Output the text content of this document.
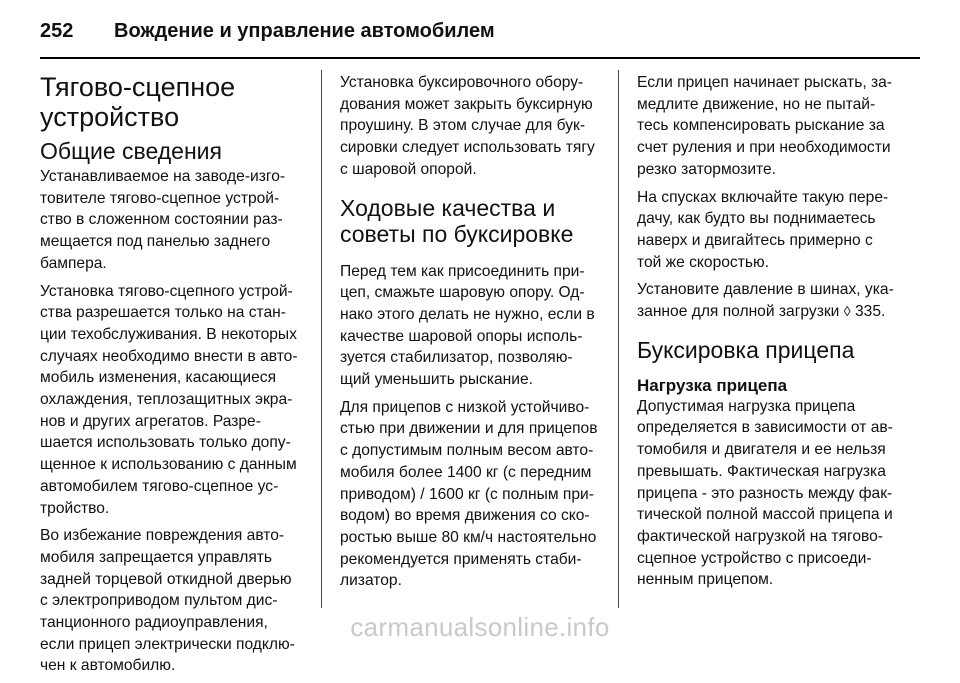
252 Вождение и управление автомобилем
Тягово-сцепное
устройство
Общие сведения

Устанавливаемое на заводе-изго-
товителе тягово-сцепное устрой-
ство в сложенном состоянии раз-
мещается под панелью заднего
бампера.

Установка тягово-сцепного устрой-
ства разрешается только на стан-
ции техобслуживания. В некоторых
случаях необходимо внести в авто-
мобиль изменения, касающиеся
охлаждения, теплозащитных экра-
нов и других агрегатов. Разре-
шается использовать только допу-
щенное к использованию с данным
автомобилем тягово-сцепное ус-
тройство.

Во избежание повреждения авто-
мобиля запрещается управлять
задней торцевой откидной дверью
с электроприводом пультом дис-
танционного радиоуправления,
если прицеп электрически подклю-
чен к автомобилю.

Установка буксировочного обору-
дования может закрыть буксирную
проушину. В этом случае для бук-
сировки следует использовать тягу
с шаровой опорой.

Ходовые качества и
советы по буксировке

Перед тем как присоединить при-
цеп, смажьте шаровую опору. Од-
нако этого делать не нужно, если в
качестве шаровой опоры исполь-
зуется стабилизатор, позволяю-
щий уменьшить рыскание.

Для прицепов с низкой устойчиво-
стью при движении и для прицепов
с допустимым полным весом авто-
мобиля более 1400 кг (с передним
приводом) / 1600 кг (с полным при-
водом) во время движения со ско-
ростью выше 80 км/ч настоятельно
рекомендуется применять стаби-
лизатор.

Если прицеп начинает рыскать, за-
медлите движение, но не пытай-
тесь компенсировать рыскание за
счет руления и при необходимости
резко затормозите.

На спусках включайте такую пере-
дачу, как будто вы поднимаетесь
наверх и двигайтесь примерно с
той же скоростью.

Установите давление в шинах, ука-
занное для полной загрузки ◊ 335.

Буксировка прицепа
Нагрузка прицепа

Допустимая нагрузка прицепа
определяется в зависимости от ав-
томобиля и двигателя и ее нельзя
превышать. Фактическая нагрузка
прицепа - это разность между фак-
тической полной массой прицепа и
фактической нагрузкой на тягово-
сцепное устройство с присоеди-
ненным прицепом.

carmanualsonline.info
